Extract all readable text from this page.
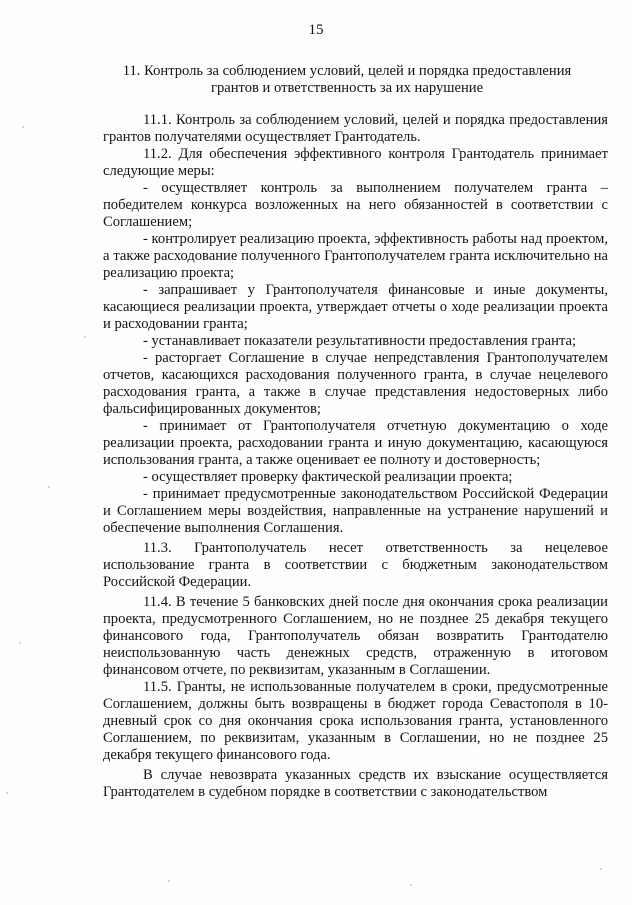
15
11. Контроль за соблюдением условий, целей и порядка предоставления
грантов и ответственность за их нарушение

11.1. Контроль за соблюдением условий, целей и порядка предоставления грантов получателями осуществляет Грантодатель.

11.2. Для обеспечения эффективного контроля Грантодатель принимает следующие меры:

- осуществляет контроль за выполнением получателем гранта – победителем конкурса возложенных на него обязанностей в соответствии с Соглашением;

- контролирует реализацию проекта, эффективность работы над проектом, а также расходование полученного Грантополучателем гранта исключительно на реализацию проекта;

- запрашивает у Грантополучателя финансовые и иные документы, касающиеся реализации проекта, утверждает отчеты о ходе реализации проекта и расходовании гранта;

- устанавливает показатели результативности предоставления гранта;

- расторгает Соглашение в случае непредставления Грантополучателем отчетов, касающихся расходования полученного гранта, в случае нецелевого расходования гранта, а также в случае представления недостоверных либо фальсифицированных документов;

- принимает от Грантополучателя отчетную документацию о ходе реализации проекта, расходовании гранта и иную документацию, касающуюся использования гранта, а также оценивает ее полноту и достоверность;

- осуществляет проверку фактической реализации проекта;

- принимает предусмотренные законодательством Российской Федерации и Соглашением меры воздействия, направленные на устранение нарушений и обеспечение выполнения Соглашения.

11.3. Грантополучатель несет ответственность за нецелевое использование гранта в соответствии с бюджетным законодательством Российской Федерации.

11.4. В течение 5 банковских дней после дня окончания срока реализации проекта, предусмотренного Соглашением, но не позднее 25 декабря текущего финансового года, Грантополучатель обязан возвратить Грантодателю неиспользованную часть денежных средств, отраженную в итоговом финансовом отчете, по реквизитам, указанным в Соглашении.

11.5. Гранты, не использованные получателем в сроки, предусмотренные Соглашением, должны быть возвращены в бюджет города Севастополя в 10-дневный срок со дня окончания срока использования гранта, установленного Соглашением, по реквизитам, указанным в Соглашении, но не позднее 25 декабря текущего финансового года.

В случае невозврата указанных средств их взыскание осуществляется Грантодателем в судебном порядке в соответствии с законодательством
